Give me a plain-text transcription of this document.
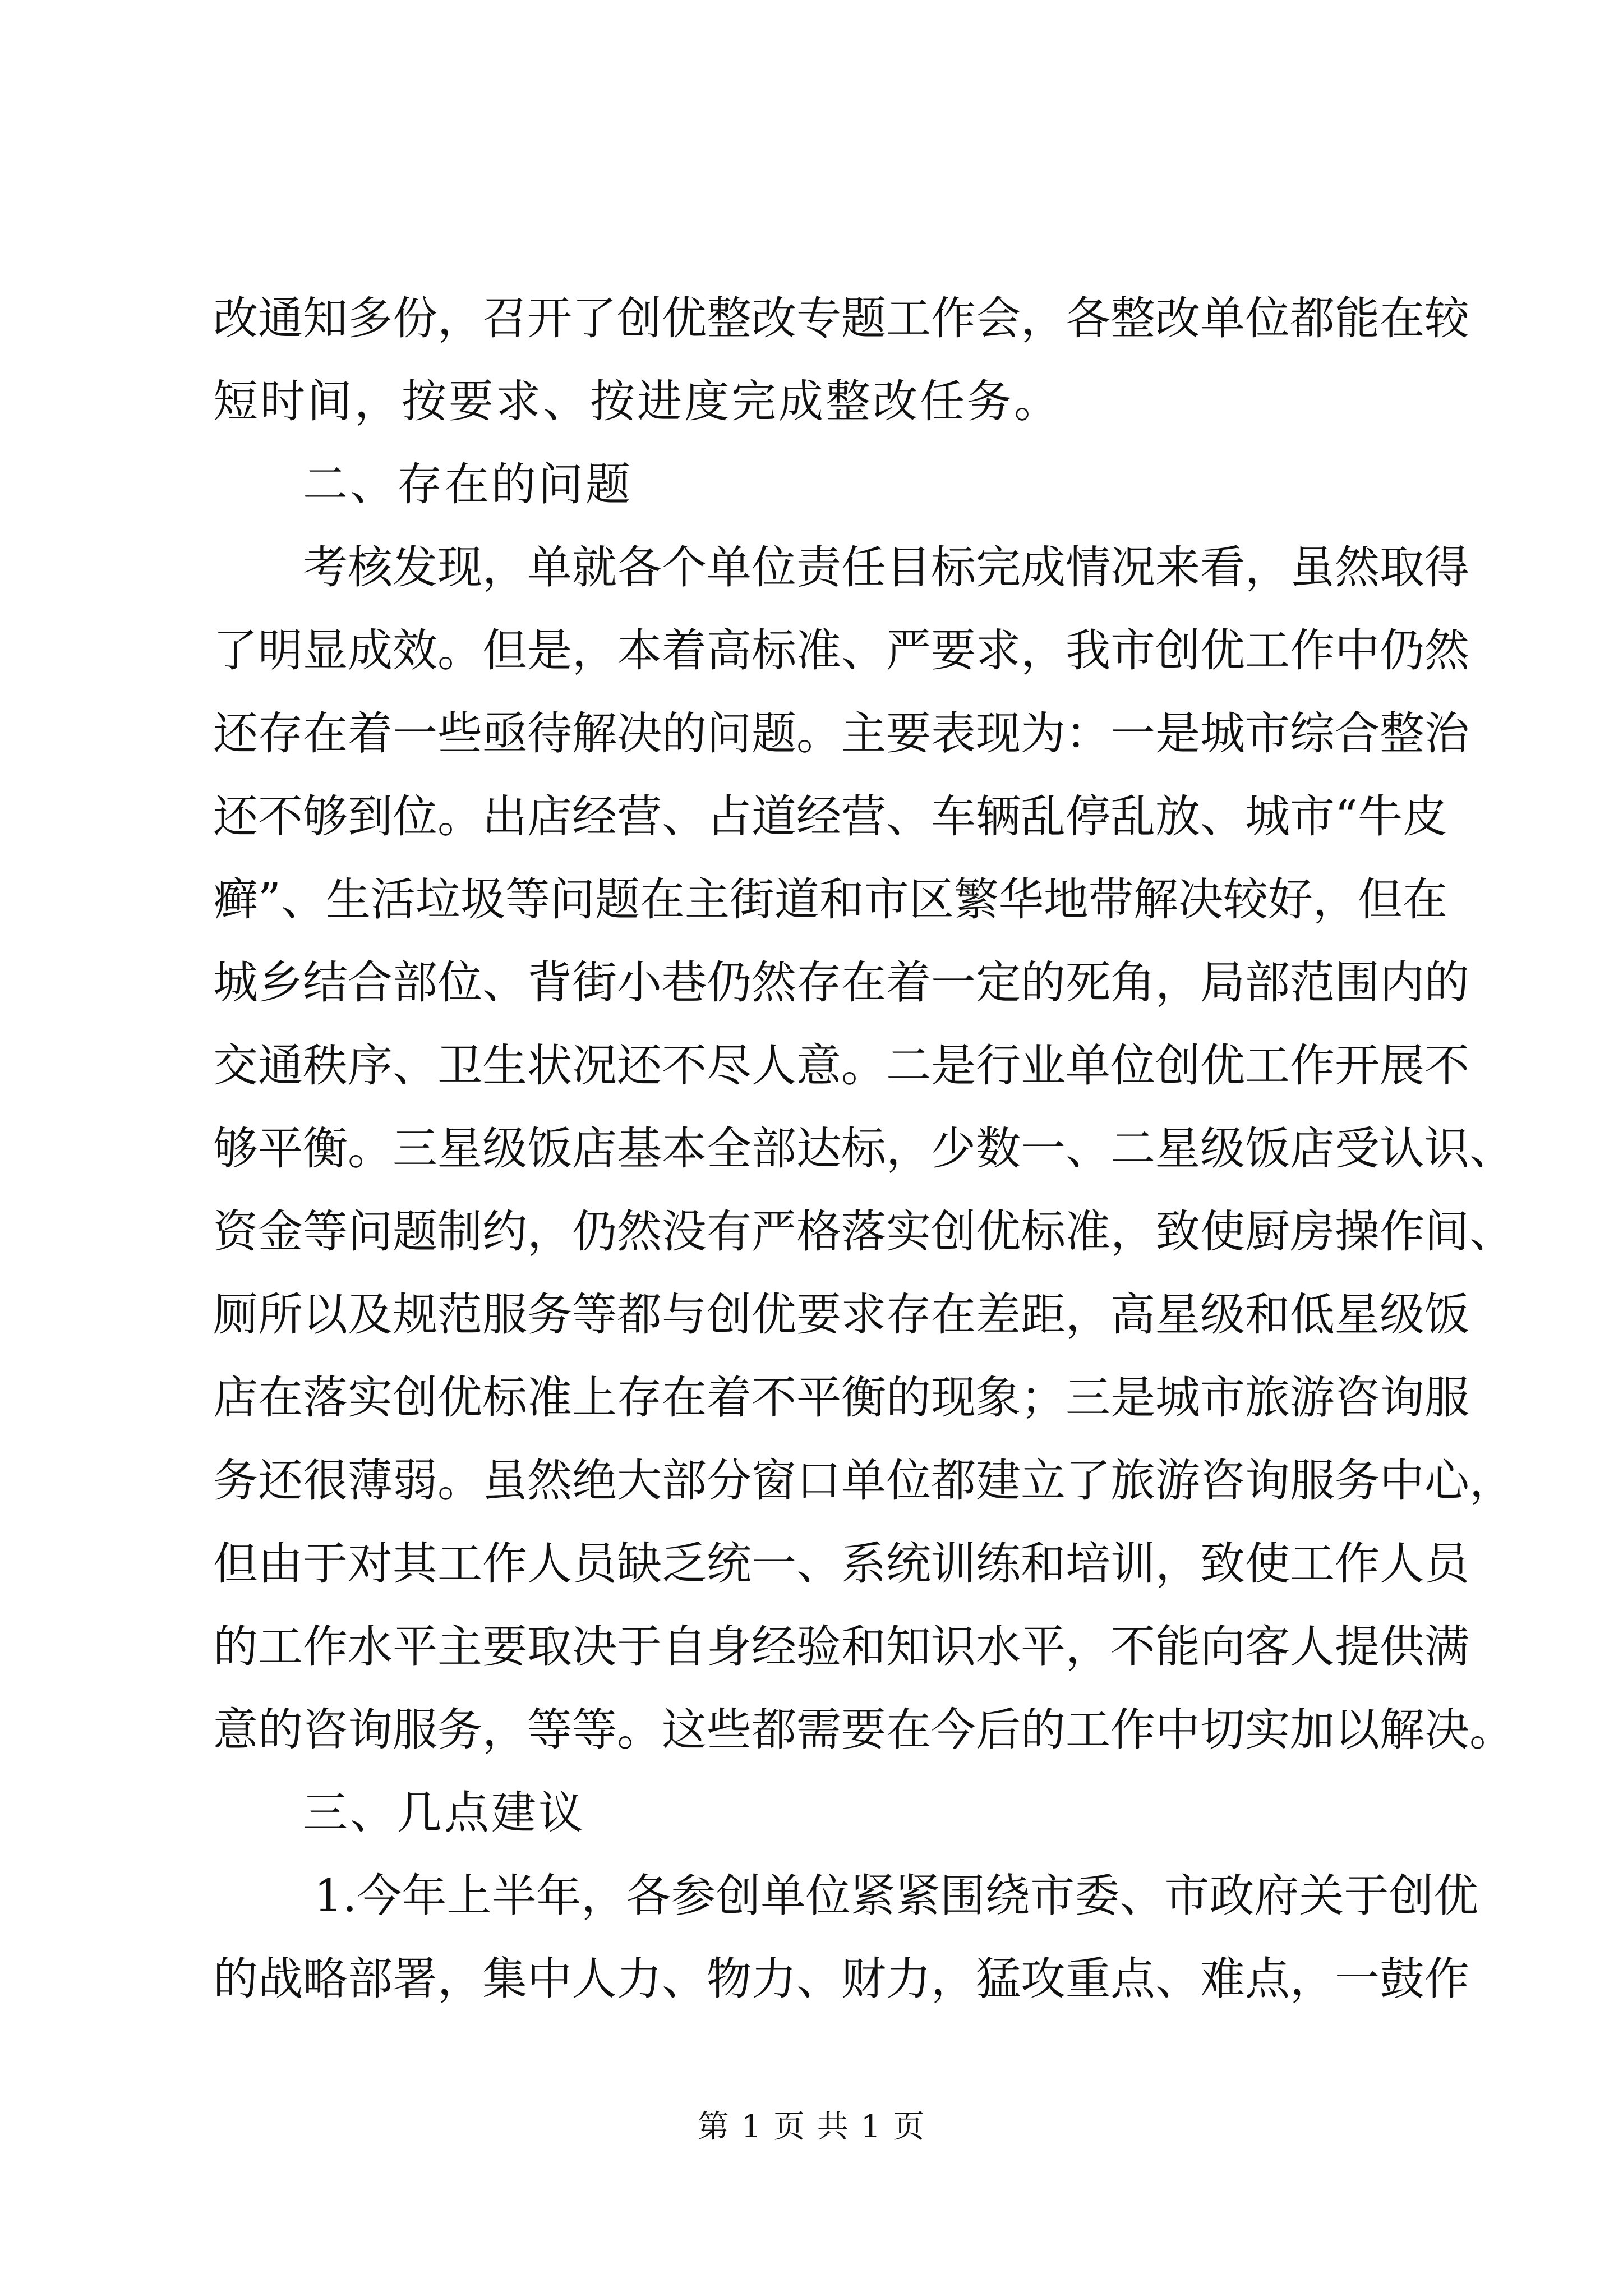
改通知多份，召开了创优整改专题工作会，各整改单位都能在较
短时间，按要求、按进度完成整改任务。
二、存在的问题
考核发现，单就各个单位责任目标完成情况来看，虽然取得
了明显成效。但是，本着高标准、严要求，我市创优工作中仍然
还存在着一些亟待解决的问题。主要表现为：一是城市综合整治
还不够到位。出店经营、占道经营、车辆乱停乱放、城市“牛皮
癣”、生活垃圾等问题在主街道和市区繁华地带解决较好，但在
城乡结合部位、背街小巷仍然存在着一定的死角，局部范围内的
交通秩序、卫生状况还不尽人意。二是行业单位创优工作开展不
够平衡。三星级饭店基本全部达标，少数一、二星级饭店受认识、
资金等问题制约，仍然没有严格落实创优标准，致使厨房操作间、
厕所以及规范服务等都与创优要求存在差距，高星级和低星级饭
店在落实创优标准上存在着不平衡的现象；三是城市旅游咨询服
务还很薄弱。虽然绝大部分窗口单位都建立了旅游咨询服务中心，
但由于对其工作人员缺乏统一、系统训练和培训，致使工作人员
的工作水平主要取决于自身经验和知识水平，不能向客人提供满
意的咨询服务，等等。这些都需要在今后的工作中切实加以解决。
三、几点建议
1.今年上半年，各参创单位紧紧围绕市委、市政府关于创优
的战略部署，集中人力、物力、财力，猛攻重点、难点，一鼓作
第 1 页 共 1 页
